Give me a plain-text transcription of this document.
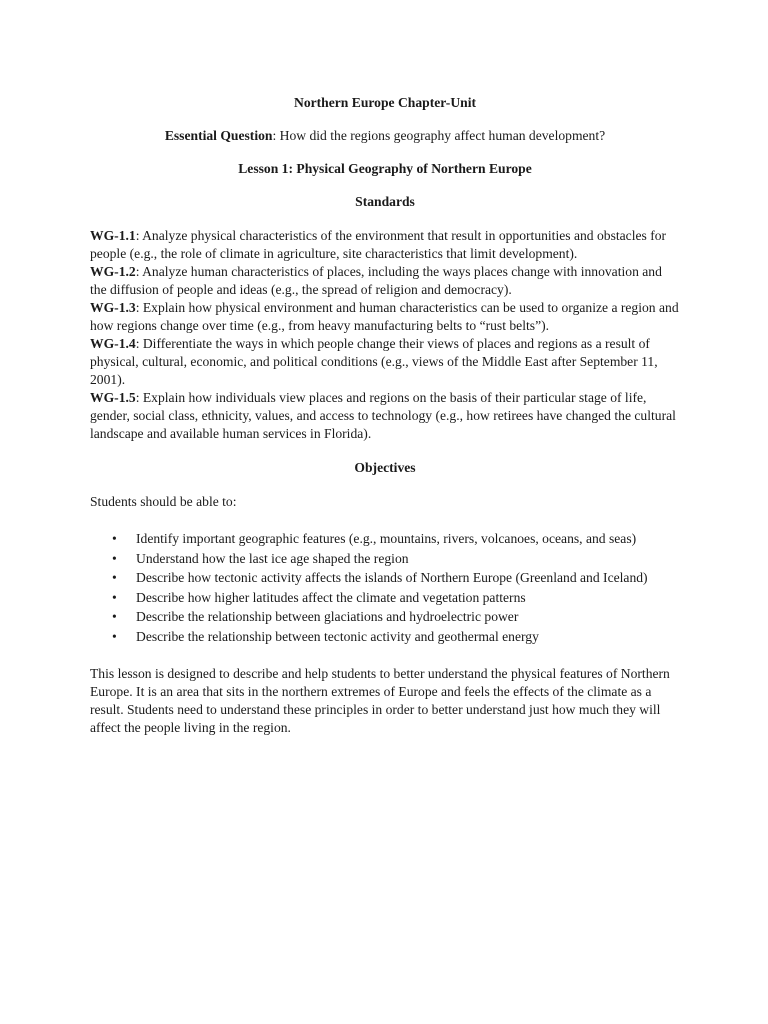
Northern Europe Chapter-Unit

Essential Question: How did the regions geography affect human development?

Lesson 1: Physical Geography of Northern Europe

Standards

WG-1.1: Analyze physical characteristics of the environment that result in opportunities and obstacles for people (e.g., the role of climate in agriculture, site characteristics that limit development).

WG-1.2: Analyze human characteristics of places, including the ways places change with innovation and the diffusion of people and ideas (e.g., the spread of religion and democracy).

WG-1.3: Explain how physical environment and human characteristics can be used to organize a region and how regions change over time (e.g., from heavy manufacturing belts to “rust belts”).

WG-1.4: Differentiate the ways in which people change their views of places and regions as a result of physical, cultural, economic, and political conditions (e.g., views of the Middle East after September 11, 2001).

WG-1.5: Explain how individuals view places and regions on the basis of their particular stage of life, gender, social class, ethnicity, values, and access to technology (e.g., how retirees have changed the cultural landscape and available human services in Florida).

Objectives

Students should be able to:

• Identify important geographic features (e.g., mountains, rivers, volcanoes, oceans, and seas)
• Understand how the last ice age shaped the region
• Describe how tectonic activity affects the islands of Northern Europe (Greenland and Iceland)
• Describe how higher latitudes affect the climate and vegetation patterns
• Describe the relationship between glaciations and hydroelectric power
• Describe the relationship between tectonic activity and geothermal energy

This lesson is designed to describe and help students to better understand the physical features of Northern Europe. It is an area that sits in the northern extremes of Europe and feels the effects of the climate as a result. Students need to understand these principles in order to better understand just how much they will affect the people living in the region.
